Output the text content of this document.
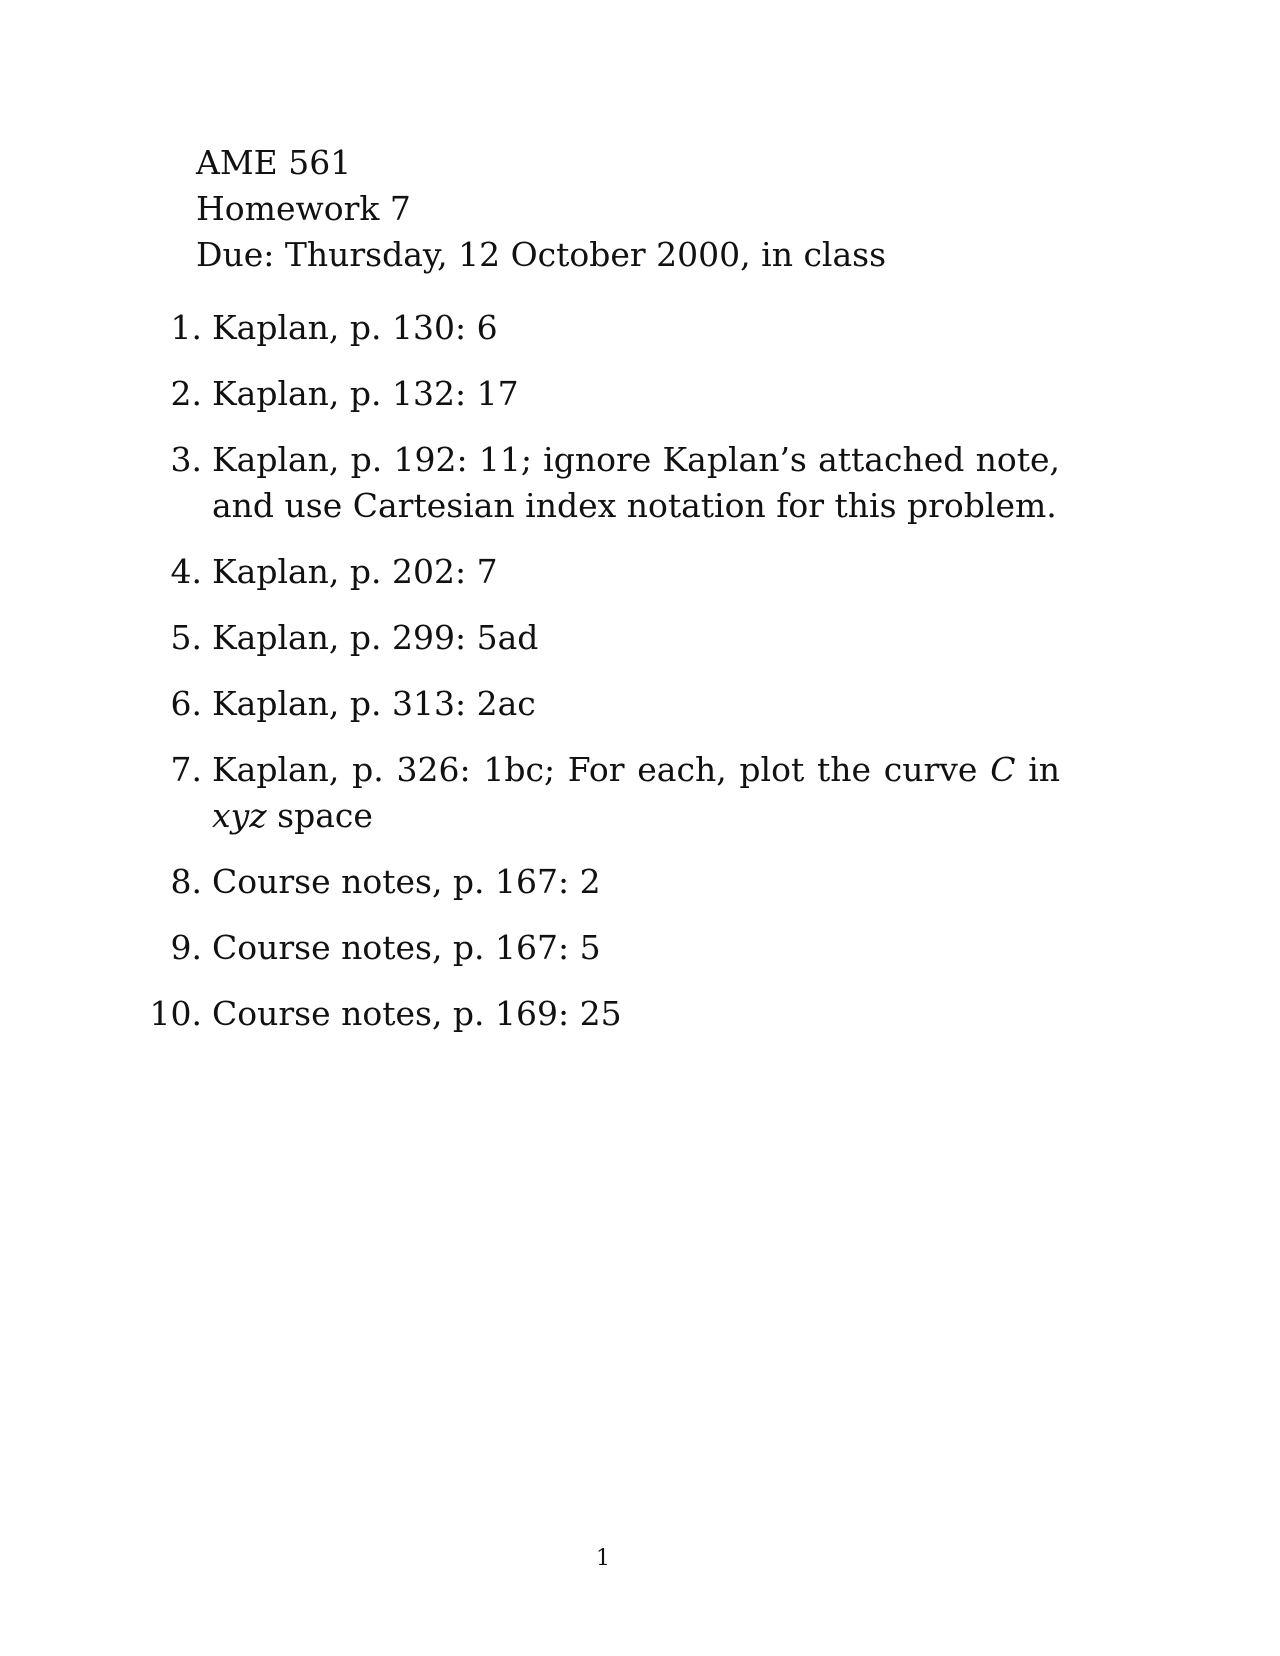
AME 561
Homework 7
Due: Thursday, 12 October 2000, in class
1. Kaplan, p. 130: 6
2. Kaplan, p. 132: 17
3. Kaplan, p. 192: 11; ignore Kaplan’s attached note, and use Cartesian index notation for this problem.
4. Kaplan, p. 202: 7
5. Kaplan, p. 299: 5ad
6. Kaplan, p. 313: 2ac
7. Kaplan, p. 326: 1bc; For each, plot the curve C in xyz space
8. Course notes, p. 167: 2
9. Course notes, p. 167: 5
10. Course notes, p. 169: 25
1
